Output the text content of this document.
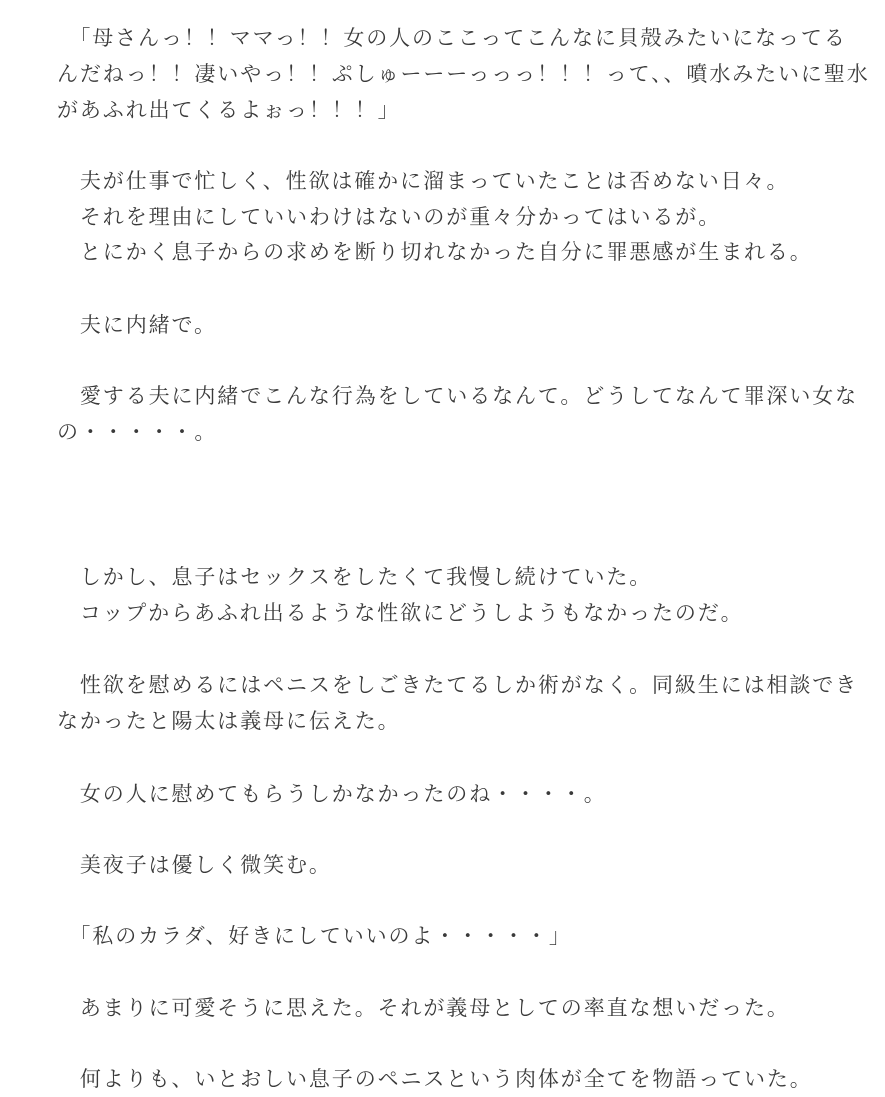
　「母さんっ！！ママっ！！女の人のここってこんなに貝殻みたいになってる
んだねっ！！凄いやっ！！ぷしゅーーーっっっ！！！って、、噴水みたいに聖水
があふれ出てくるよぉっ！！！」
　夫が仕事で忙しく、性欲は確かに溜まっていたことは否めない日々。
　それを理由にしていいわけはないのが重々分かってはいるが。
　とにかく息子からの求めを断り切れなかった自分に罪悪感が生まれる。
　夫に内緒で。
　愛する夫に内緒でこんな行為をしているなんて。どうしてなんて罪深い女な
の・・・・・。
　しかし、息子はセックスをしたくて我慢し続けていた。
　コップからあふれ出るような性欲にどうしようもなかったのだ。
　性欲を慰めるにはペニスをしごきたてるしか術がなく。同級生には相談でき
なかったと陽太は義母に伝えた。
　女の人に慰めてもらうしかなかったのね・・・・。
　美夜子は優しく微笑む。
　「私のカラダ、好きにしていいのよ・・・・・」
　あまりに可愛そうに思えた。それが義母としての率直な想いだった。
　何よりも、いとおしい息子のペニスという肉体が全てを物語っていた。
